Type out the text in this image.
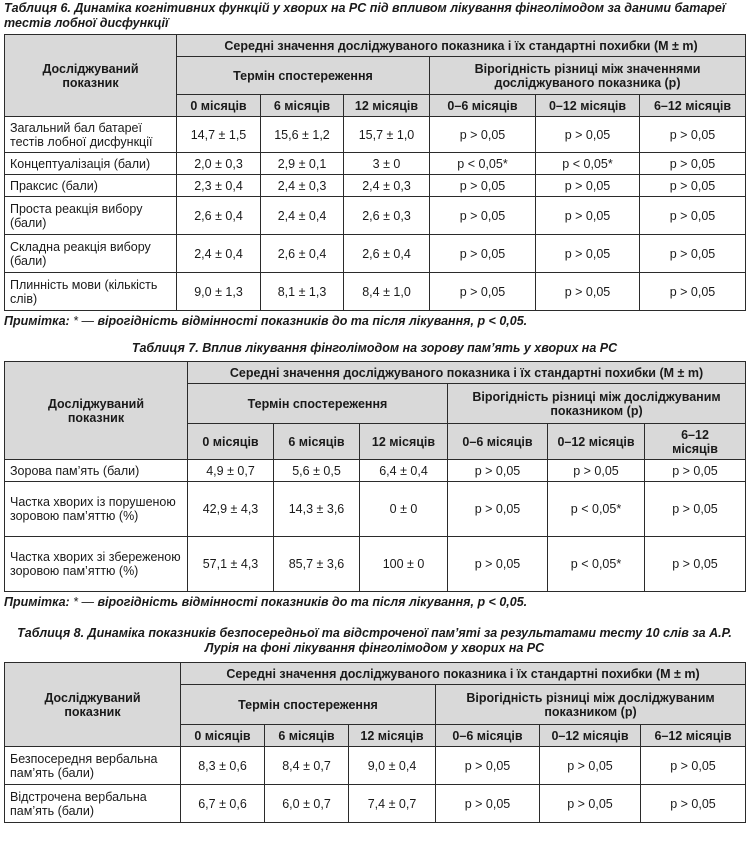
Таблиця 6. Динаміка когнітивних функцій у хворих на РС під впливом лікування фінголімодом за даними батареї тестів лобної дисфункції
Досліджуваний показник	Середні значення досліджуваного показника і їх стандартні похибки (M ± m)					
	Термін спостереження			Вірогідність різниці між значеннями досліджуваного показника (р)		
	0 місяців	6 місяців	12 місяців	0–6 місяців	0–12 місяців	6–12 місяців
Загальний бал батареї тестів лобної дисфункції	14,7 ± 1,5	15,6 ± 1,2	15,7 ± 1,0	p > 0,05	p > 0,05	p > 0,05
Концептуалізація (бали)	2,0 ± 0,3	2,9 ± 0,1	3 ± 0	p < 0,05*	p < 0,05*	p > 0,05
Праксис (бали)	2,3 ± 0,4	2,4 ± 0,3	2,4 ± 0,3	p > 0,05	p > 0,05	p > 0,05
Проста реакція вибору (бали)	2,6 ± 0,4	2,4 ± 0,4	2,6 ± 0,3	p > 0,05	p > 0,05	p > 0,05
Складна реакція вибору (бали)	2,4 ± 0,4	2,6 ± 0,4	2,6 ± 0,4	p > 0,05	p > 0,05	p > 0,05
Плинність мови (кількість слів)	9,0 ± 1,3	8,1 ± 1,3	8,4 ± 1,0	p > 0,05	p > 0,05	p > 0,05
Примітка: * — вірогідність відмінності показників до та після лікування, p < 0,05.
Таблиця 7. Вплив лікування фінголімодом на зорову пам’ять у хворих на РС
Досліджуваний показник	Середні значення досліджуваного показника і їх стандартні похибки (M ± m)					
	Термін спостереження			Вірогідність різниці між досліджуваним показником (р)		
	0 місяців	6 місяців	12 місяців	0–6 місяців	0–12 місяців	6–12 місяців
Зорова пам’ять (бали)	4,9 ± 0,7	5,6 ± 0,5	6,4 ± 0,4	p > 0,05	p > 0,05	p > 0,05
Частка хворих із порушеною зоровою пам’яттю (%)	42,9 ± 4,3	14,3 ± 3,6	0 ± 0	p > 0,05	p < 0,05*	p > 0,05
Частка хворих зі збереженою зоровою пам’яттю (%)	57,1 ± 4,3	85,7 ± 3,6	100 ± 0	p > 0,05	p < 0,05*	p > 0,05
Примітка: * — вірогідність відмінності показників до та після лікування, p < 0,05.
Таблиця 8. Динаміка показників безпосередньої та відстроченої пам’яті за результатами тесту 10 слів за А.Р. Лурія на фоні лікування фінголімодом у хворих на РС
Досліджуваний показник	Середні значення досліджуваного показника і їх стандартні похибки (M ± m)					
	Термін спостереження			Вірогідність різниці між досліджуваним показником (р)		
	0 місяців	6 місяців	12 місяців	0–6 місяців	0–12 місяців	6–12 місяців
Безпосередня вербальна пам’ять (бали)	8,3 ± 0,6	8,4 ± 0,7	9,0 ± 0,4	p > 0,05	p > 0,05	p > 0,05
Відстрочена вербальна пам’ять (бали)	6,7 ± 0,6	6,0 ± 0,7	7,4 ± 0,7	p > 0,05	p > 0,05	p > 0,05
